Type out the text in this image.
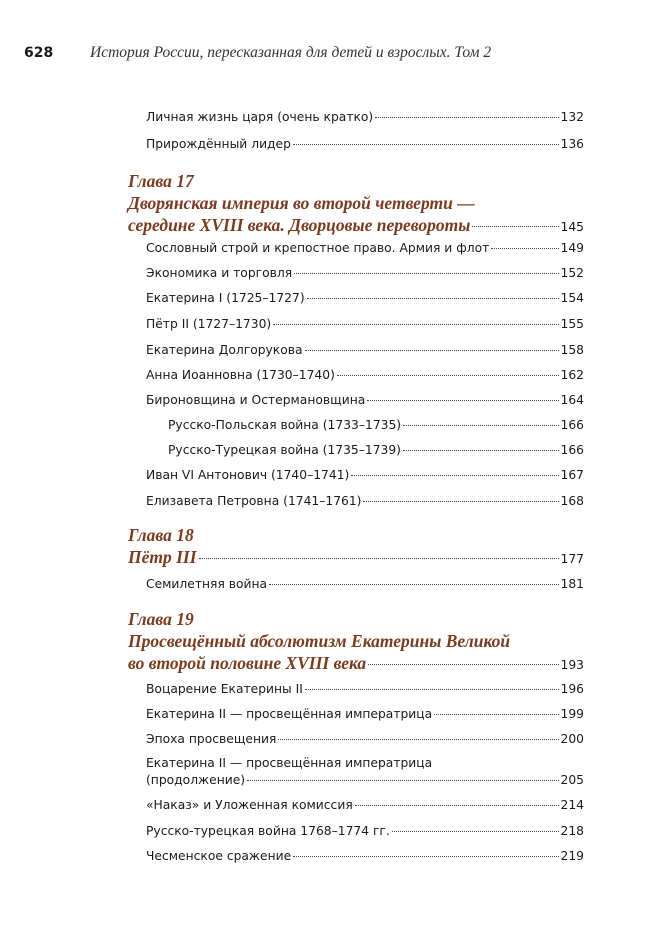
628	История России, пересказанная для детей и взрослых. Том 2
Личная жизнь царя (очень кратко)	132
Прирождённый лидер	136
Глава 17
Дворянская империя во второй четверти —
середине XVIII века. Дворцовые перевороты	145
Сословный строй и крепостное право. Армия и флот	149
Экономика и торговля	152
Екатерина I (1725–1727)	154
Пётр II (1727–1730)	155
Екатерина Долгорукова	158
Анна Иоанновна (1730–1740)	162
Бироновщина и Остермановщина	164
Русско-Польская война (1733–1735)	166
Русско-Турецкая война (1735–1739)	166
Иван VI Антонович (1740–1741)	167
Елизавета Петровна (1741–1761)	168
Глава 18
Пётр III	177
Семилетняя война	181
Глава 19
Просвещённый абсолютизм Екатерины Великой
во второй половине XVIII века	193
Воцарение Екатерины II	196
Екатерина II — просвещённая императрица	199
Эпоха просвещения	200
Екатерина II — просвещённая императрица
(продолжение)	205
«Наказ» и Уложенная комиссия	214
Русско-турецкая война 1768–1774 гг.	218
Чесменское сражение	219
